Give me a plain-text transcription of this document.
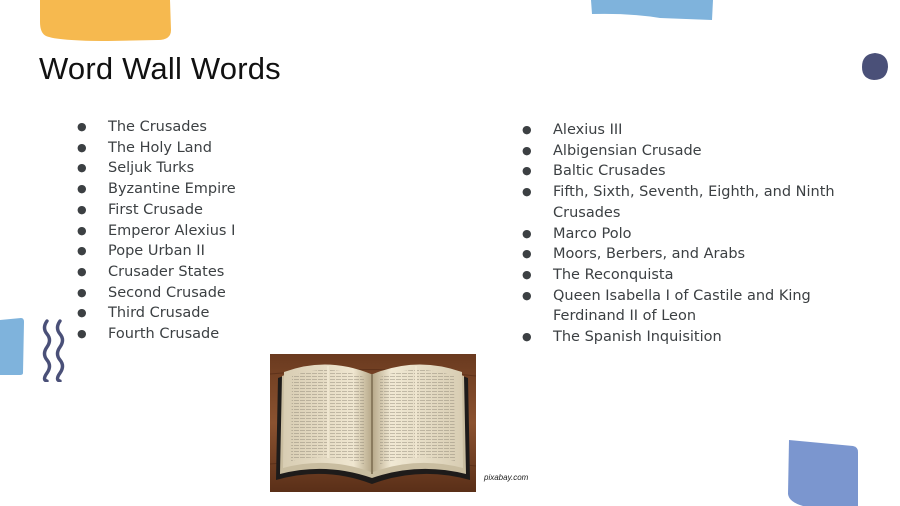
Word Wall Words
● The Crusades
● The Holy Land
● Seljuk Turks
● Byzantine Empire
● First Crusade
● Emperor Alexius I
● Pope Urban II
● Crusader States
● Second Crusade
● Third Crusade
● Fourth Crusade
● Alexius III
● Albigensian Crusade
● Baltic Crusades
● Fifth, Sixth, Seventh, Eighth, and Ninth Crusades
● Marco Polo
● Moors, Berbers, and Arabs
● The Reconquista
● Queen Isabella I of Castile and King Ferdinand II of Leon
● The Spanish Inquisition
pixabay.com
